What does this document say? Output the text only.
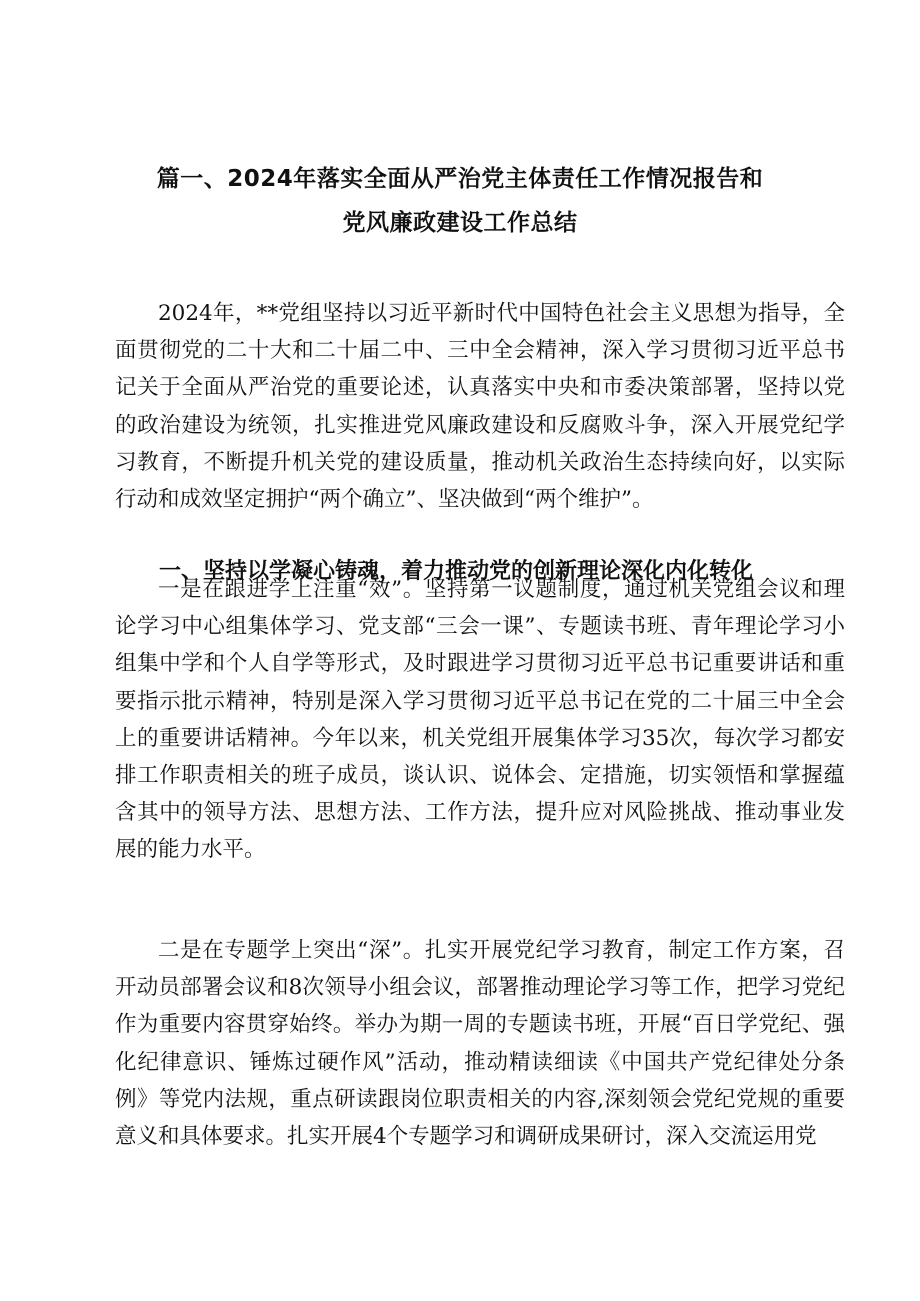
篇一、2024年落实全面从严治党主体责任工作情况报告和
党风廉政建设工作总结

2024年，**党组坚持以习近平新时代中国特色社会主义思想为指导，全面贯彻党的二十大和二十届二中、三中全会精神，深入学习贯彻习近平总书记关于全面从严治党的重要论述，认真落实中央和市委决策部署，坚持以党的政治建设为统领，扎实推进党风廉政建设和反腐败斗争，深入开展党纪学习教育，不断提升机关党的建设质量，推动机关政治生态持续向好，以实际行动和成效坚定拥护“两个确立”、坚决做到“两个维护”。

一、坚持以学凝心铸魂，着力推动党的创新理论深化内化转化

一是在跟进学上注重“效”。坚持第一议题制度，通过机关党组会议和理论学习中心组集体学习、党支部“三会一课”、专题读书班、青年理论学习小组集中学和个人自学等形式，及时跟进学习贯彻习近平总书记重要讲话和重要指示批示精神，特别是深入学习贯彻习近平总书记在党的二十届三中全会上的重要讲话精神。今年以来，机关党组开展集体学习35次，每次学习都安排工作职责相关的班子成员，谈认识、说体会、定措施，切实领悟和掌握蕴含其中的领导方法、思想方法、工作方法，提升应对风险挑战、推动事业发展的能力水平。

二是在专题学上突出“深”。扎实开展党纪学习教育，制定工作方案，召开动员部署会议和8次领导小组会议，部署推动理论学习等工作，把学习党纪作为重要内容贯穿始终。举办为期一周的专题读书班，开展“百日学党纪、强化纪律意识、锤炼过硬作风”活动，推动精读细读《中国共产党纪律处分条例》等党内法规，重点研读跟岗位职责相关的内容,深刻领会党纪党规的重要意义和具体要求。扎实开展4个专题学习和调研成果研讨，深入交流运用党
